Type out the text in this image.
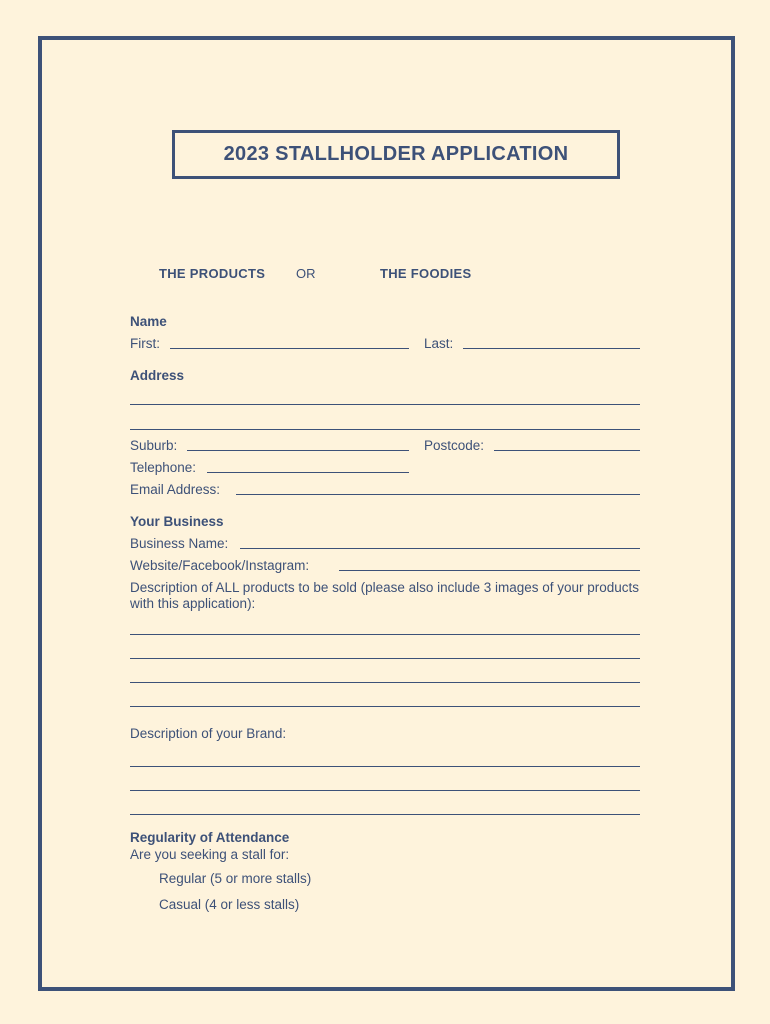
2023 STALLHOLDER APPLICATION
THE PRODUCTS OR	THE FOODIES
Name
First:	Last:
Address
Suburb:	Postcode:
Telephone:
Email Address:
Your Business
Business Name:
Website/Facebook/Instagram:
Description of ALL products to be sold (please also include 3 images of your products with this application):
Description of your Brand:
Regularity of Attendance
Are you seeking a stall for:
Regular (5 or more stalls)
Casual (4 or less stalls)
